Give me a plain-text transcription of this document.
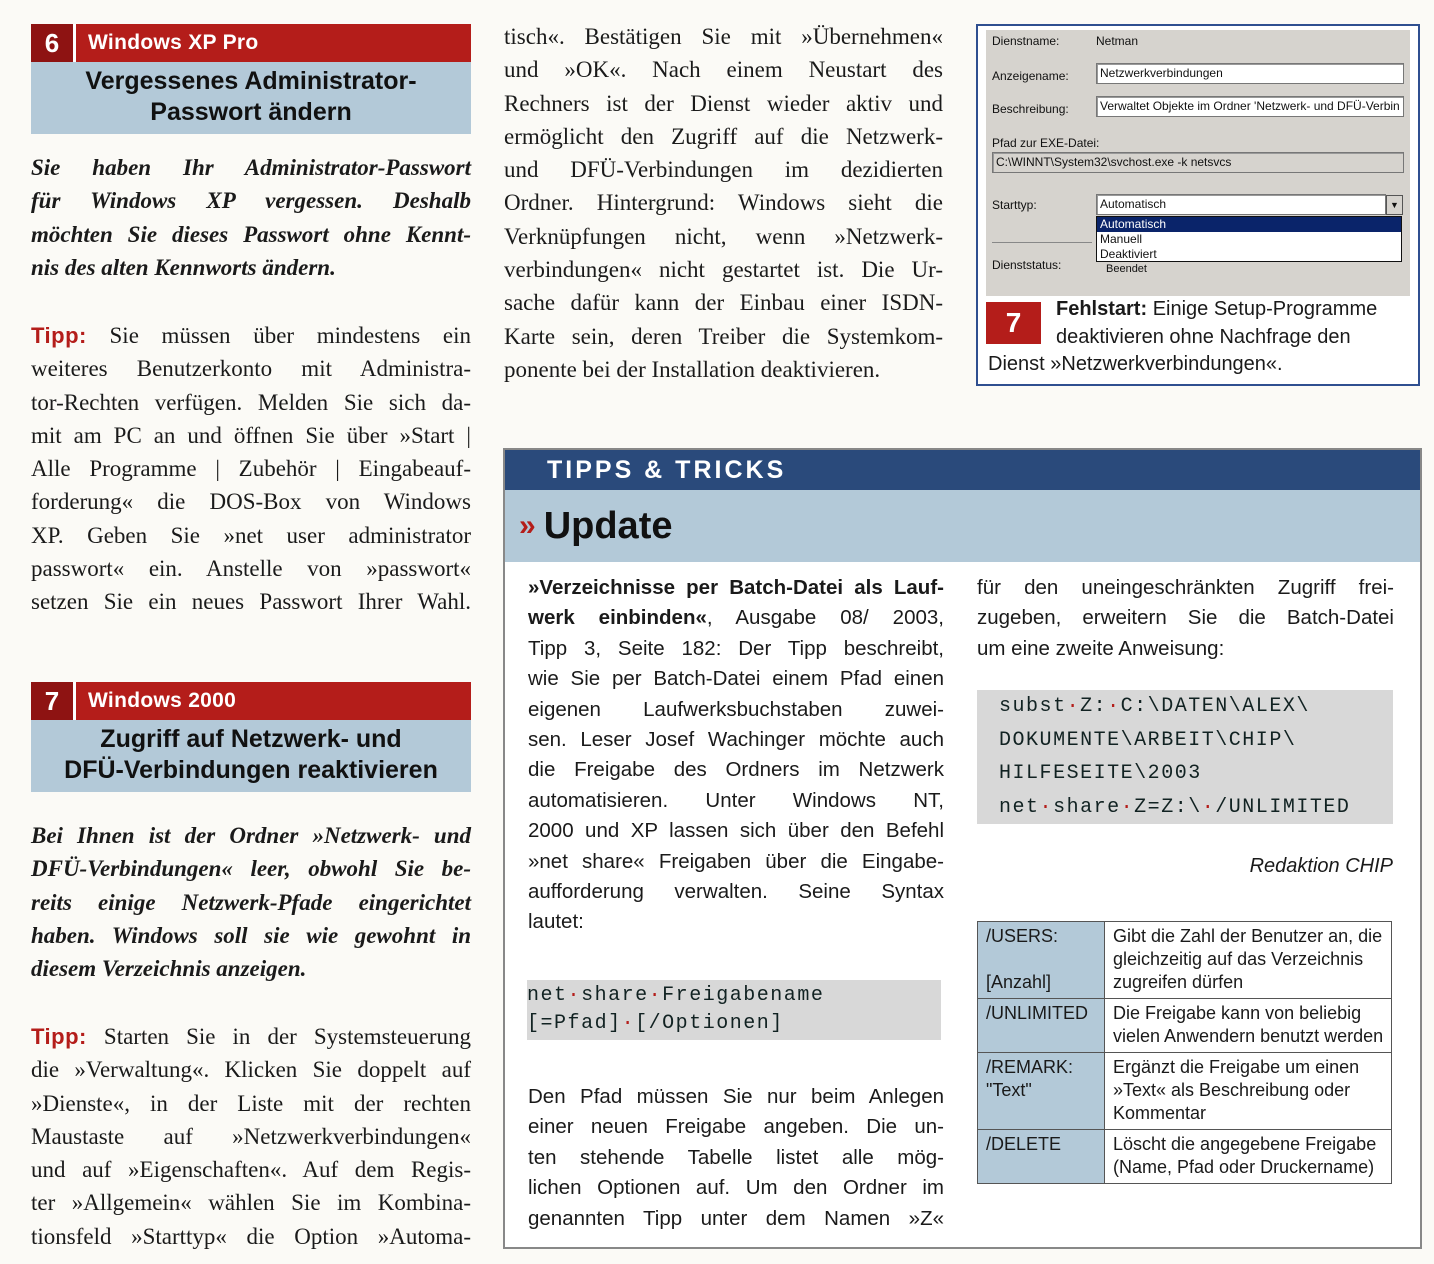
6	Windows XP Pro
Vergessenes Administrator-
Passwort ändern

Sie haben Ihr Administrator-Passwort

für Windows XP vergessen. Deshalb

möchten Sie dieses Passwort ohne Kennt-

nis des alten Kennworts ändern.

Tipp: Sie müssen über mindestens ein

weiteres Benutzerkonto mit Administra-

tor-Rechten verfügen. Melden Sie sich da-

mit am PC an und öffnen Sie über »Start |

Alle Programme | Zubehör | Eingabeauf-

forderung« die DOS-Box von Windows

XP. Geben Sie »net user administrator

passwort« ein. Anstelle von »passwort«

setzen Sie ein neues Passwort Ihrer Wahl.

7	Windows 2000
Zugriff auf Netzwerk- und
DFÜ-Verbindungen reaktivieren

Bei Ihnen ist der Ordner »Netzwerk- und

DFÜ-Verbindungen« leer, obwohl Sie be-

reits einige Netzwerk-Pfade eingerichtet

haben. Windows soll sie wie gewohnt in

diesem Verzeichnis anzeigen.

Tipp: Starten Sie in der Systemsteuerung

die »Verwaltung«. Klicken Sie doppelt auf

»Dienste«, in der Liste mit der rechten

Maustaste auf »Netzwerkverbindungen«

und auf »Eigenschaften«. Auf dem Regis-

ter »Allgemein« wählen Sie im Kombina-

tionsfeld »Starttyp« die Option »Automa-

tisch«. Bestätigen Sie mit »Übernehmen«

und »OK«. Nach einem Neustart des

Rechners ist der Dienst wieder aktiv und

ermöglicht den Zugriff auf die Netzwerk-

und DFÜ-Verbindungen im dezidierten

Ordner. Hintergrund: Windows sieht die

Verknüpfungen nicht, wenn »Netzwerk-

verbindungen« nicht gestartet ist. Die Ur-

sache dafür kann der Einbau einer ISDN-

Karte sein, deren Treiber die Systemkom-

ponente bei der Installation deaktivieren.

Dienstname:	Netman
Anzeigename:	Netzwerkverbindungen
Beschreibung:	Verwaltet Objekte im Ordner 'Netzwerk- und DFÜ-Verbin
Pfad zur EXE-Datei:
C:\WINNT\System32\svchost.exe -k netsvcs
Starttyp:	Automatisch	▼
Automatisch
Manuell
Deaktiviert
Dienststatus:	Beendet
7	Fehlstart: Einige Setup-Programme
deaktivieren ohne Nachfrage den
Dienst »Netzwerkverbindungen«.
TIPPS & TRICKS
» Update

»Verzeichnisse per Batch-Datei als Lauf-

werk einbinden«, Ausgabe 08/ 2003,

Tipp 3, Seite 182: Der Tipp beschreibt,

wie Sie per Batch-Datei einem Pfad einen

eigenen Laufwerksbuchstaben zuwei-

sen. Leser Josef Wachinger möchte auch

die Freigabe des Ordners im Netzwerk

automatisieren. Unter Windows NT,

2000 und XP lassen sich über den Befehl

»net share« Freigaben über die Eingabe-

aufforderung verwalten. Seine Syntax

lautet:

net·share·Freigabename
[=Pfad]·[/Optionen]

Den Pfad müssen Sie nur beim Anlegen

einer neuen Freigabe angeben. Die un-

ten stehende Tabelle listet alle mög-

lichen Optionen auf. Um den Ordner im

genannten Tipp unter dem Namen »Z«

für den uneingeschränkten Zugriff frei-

zugeben, erweitern Sie die Batch-Datei

um eine zweite Anweisung:

subst·Z:·C:\DATEN\ALEX\
DOKUMENTE\ARBEIT\CHIP\
HILFESEITE\2003
net·share·Z=Z:\·/UNLIMITED
Redaktion CHIP
/USERS:
[Anzahl]	Gibt die Zahl der Benutzer an, die gleichzeitig auf das Verzeichnis zugreifen dürfen
/UNLIMITED	Die Freigabe kann von beliebig vielen Anwendern benutzt werden

/REMARK:
"Text"	Ergänzt die Freigabe um einen »Text« als Beschreibung oder Kommentar
/DELETE	Löscht die angegebene Freigabe (Name, Pfad oder Druckername)
